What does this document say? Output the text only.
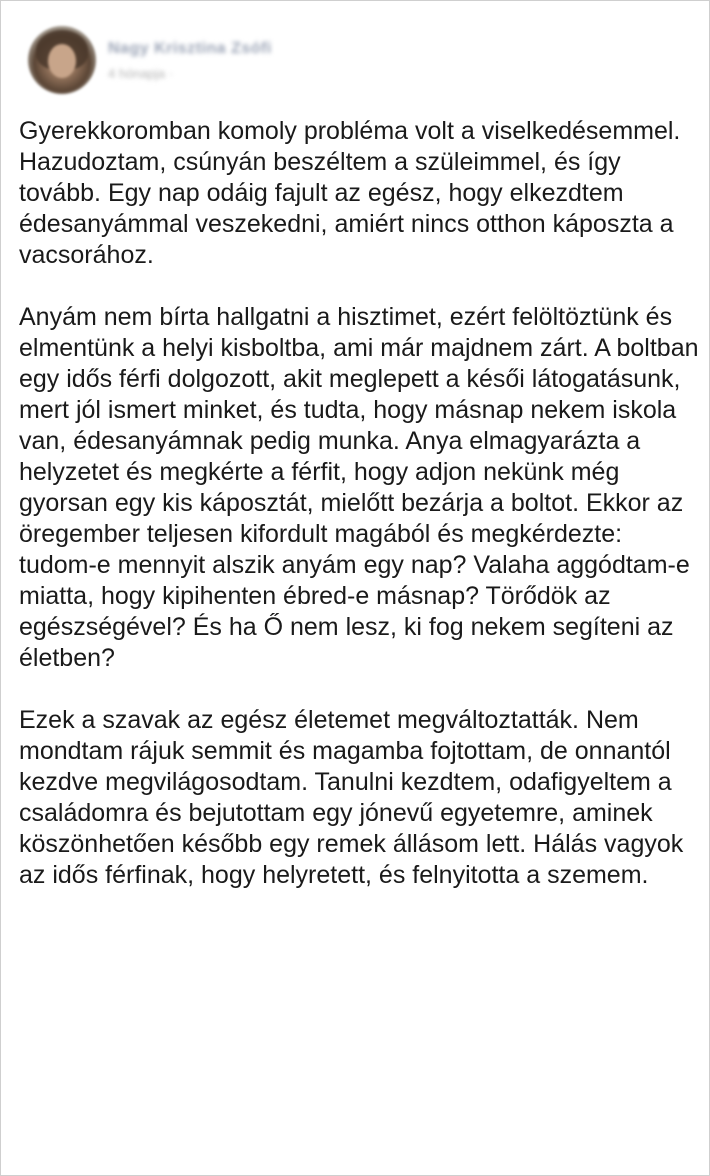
Nagy Krisztina Zsófi
4 hónapja ·

Gyerekkoromban komoly probléma volt a viselkedésemmel. Hazudoztam, csúnyán beszéltem a szüleimmel, és így tovább. Egy nap odáig fajult az egész, hogy elkezdtem édesanyámmal veszekedni, amiért nincs otthon káposzta a vacsorához.

Anyám nem bírta hallgatni a hisztimet, ezért felöltöztünk és elmentünk a helyi kisboltba, ami már majdnem zárt. A boltban egy idős férfi dolgozott, akit meglepett a késői látogatásunk, mert jól ismert minket, és tudta, hogy másnap nekem iskola van, édesanyámnak pedig munka. Anya elmagyarázta a helyzetet és megkérte a férfit, hogy adjon nekünk még gyorsan egy kis káposztát, mielőtt bezárja a boltot. Ekkor az öregember teljesen kifordult magából és megkérdezte: tudom-e mennyit alszik anyám egy nap? Valaha aggódtam-e miatta, hogy kipihenten ébred-e másnap? Törődök az egészségével? És ha Ő nem lesz, ki fog nekem segíteni az életben?

Ezek a szavak az egész életemet megváltoztatták. Nem mondtam rájuk semmit és magamba fojtottam, de onnantól kezdve megvilágosodtam. Tanulni kezdtem, odafigyeltem a családomra és bejutottam egy jónevű egyetemre, aminek köszönhetően később egy remek állásom lett. Hálás vagyok az idős férfinak, hogy helyretett, és felnyitotta a szemem.
